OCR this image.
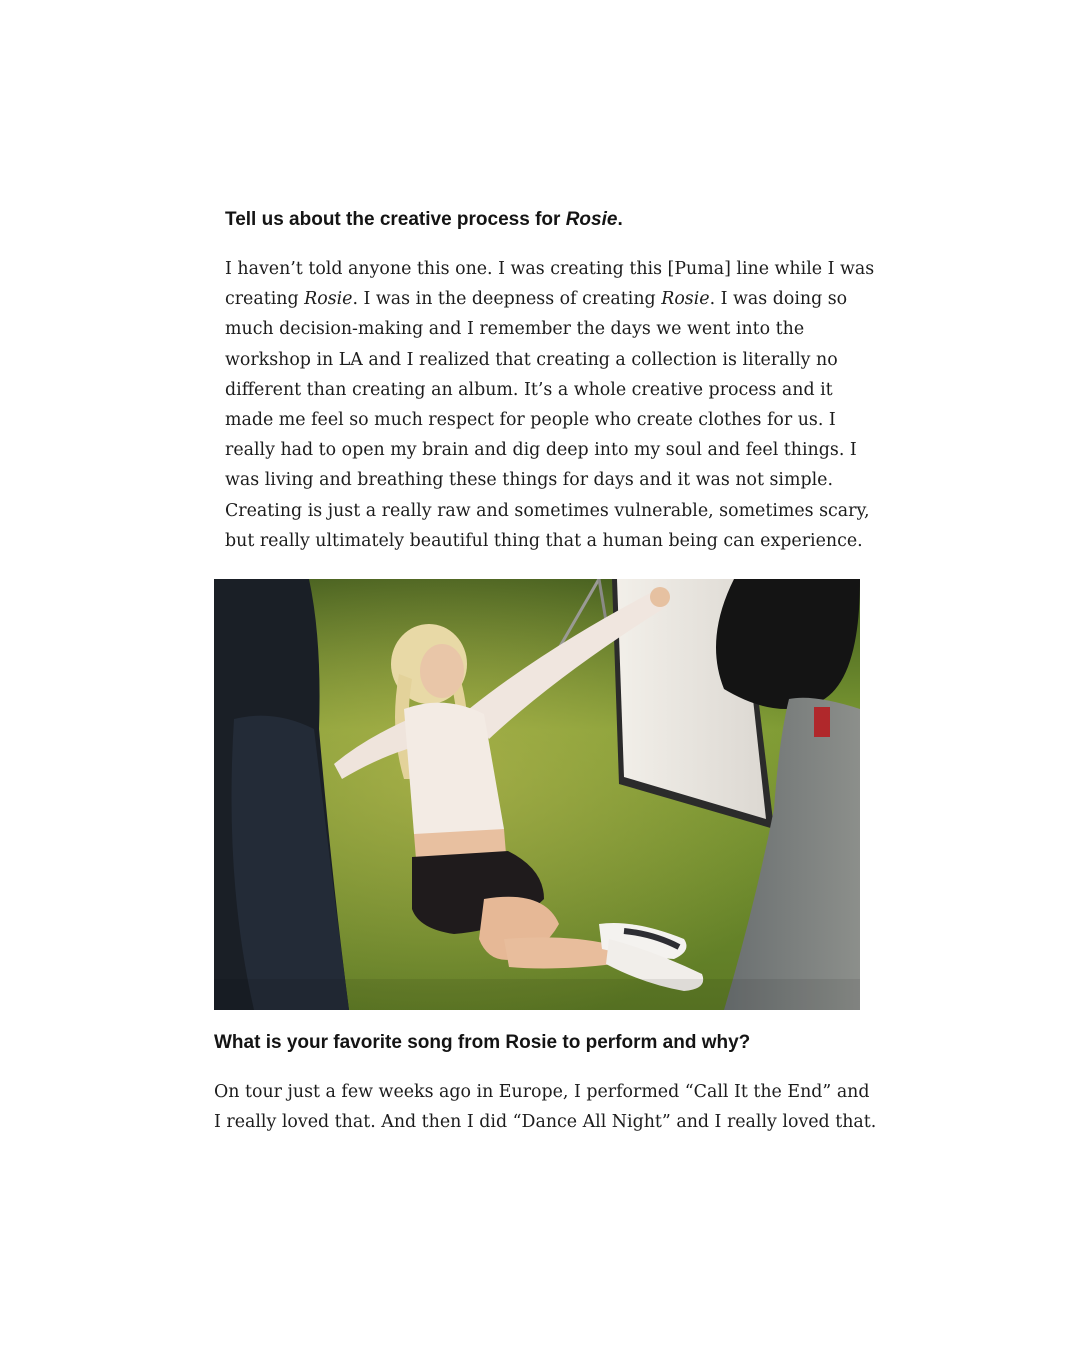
Tell us about the creative process for Rosie.

I haven’t told anyone this one. I was creating this [Puma] line while I was
creating Rosie. I was in the deepness of creating Rosie. I was doing so
much decision-making and I remember the days we went into the
workshop in LA and I realized that creating a collection is literally no
different than creating an album. It’s a whole creative process and it
made me feel so much respect for people who create clothes for us. I
really had to open my brain and dig deep into my soul and feel things. I
was living and breathing these things for days and it was not simple.
Creating is just a really raw and sometimes vulnerable, sometimes scary,
but really ultimately beautiful thing that a human being can experience.

What is your favorite song from Rosie to perform and why?

On tour just a few weeks ago in Europe, I performed “Call It the End” and
I really loved that. And then I did “Dance All Night” and I really loved that.
